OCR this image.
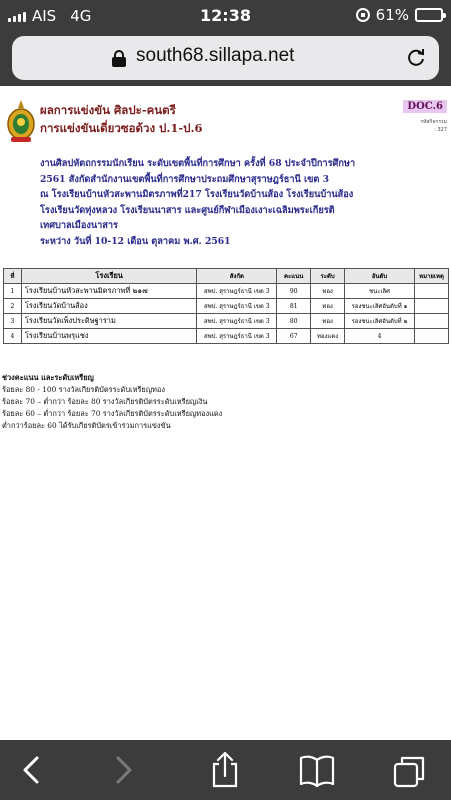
AIS 4G	12:38	61%
south68.sillapa.net
ผลการแข่งขัน ศิลปะ-คนตรี
การแข่งขันเดี่ยวซอด้วง ป.1-ป.6
DOC.6
รหัสกิจกรรม
: 327
งานศิลปหัตถกรรมนักเรียน ระดับเขตพื้นที่การศึกษา ครั้งที่ 68 ประจำปีการศึกษา
2561 สังกัดสำนักงานเขตพื้นที่การศึกษาประถมศึกษาสุราษฎร์ธานี เขต 3
ณ โรงเรียนบ้านหัวสะพานมิตรภาพที่217 โรงเรียนวัดบ้านส้อง โรงเรียนบ้านส้อง
โรงเรียนวัดทุ่งหลวง โรงเรียนนาสาร และศูนย์กีฬาเมืองเงาะเฉลิมพระเกียรติ
เทศบาลเมืองนาสาร
ระหว่าง วันที่ 10-12 เดือน ตุลาคม พ.ศ. 2561
ที่	โรงเรียน	สังกัด	คะแนน	ระดับ	อันดับ	หมายเหตุ
1	โรงเรียนบ้านหัวสะพานมิตรภาพที่ ๒๑๗	สพป. สุราษฎร์ธานี เขต 3	90	ทอง	ชนะเลิศ	
2	โรงเรียนวัดบ้านส้อง	สพป. สุราษฎร์ธานี เขต 3	81	ทอง	รองชนะเลิศอันดับที่ ๑	
3	โรงเรียนวัดเพ็งประดิษฐาราม	สพป. สุราษฎร์ธานี เขต 3	80	ทอง	รองชนะเลิศอันดับที่ ๒	
4	โรงเรียนบ้านพรุแชง	สพป. สุราษฎร์ธานี เขต 3	67	ทองแดง	4	
ช่วงคะแนน และระดับเหรียญ
ร้อยละ 80 - 100 รางวัลเกียรติบัตรระดับเหรียญทอง
ร้อยละ 70 – ต่ำกว่า ร้อยละ 80 รางวัลเกียรติบัตรระดับเหรียญเงิน
ร้อยละ 60 – ต่ำกว่า ร้อยละ 70 รางวัลเกียรติบัตรระดับเหรียญทองแดง
ต่ำกว่าร้อยละ 60 ได้รับเกียรติบัตรเข้าร่วมการแข่งขัน
